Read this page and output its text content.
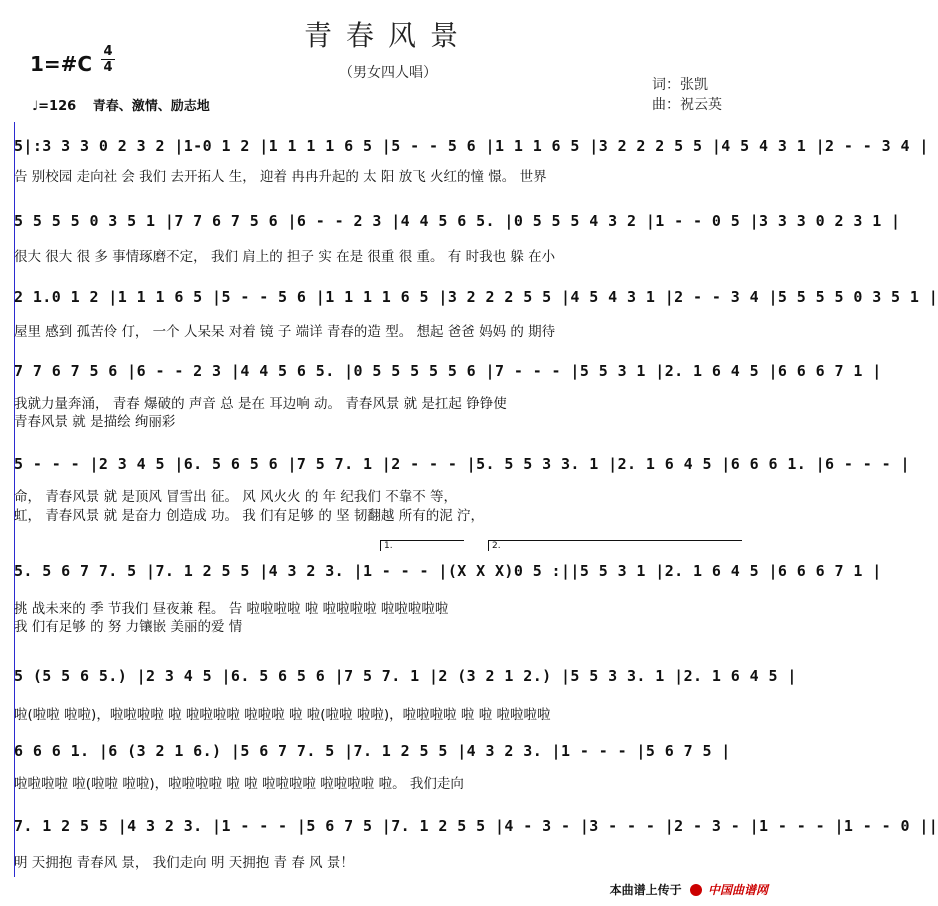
青春风景
1=#C
4
4	（男女四人唱）
词：张凯
曲：祝云英
♩=126 青春、激情、励志地
5|:3 3 3 0 2 3 2 |1-0 1 2 |1 1 1 1 6 5 |5 - - 5 6 |1 1 1 6 5 |3 2 2 2 5 5 |4 5 4 3 1 |2 - - 3 4 |
告 别校园 走向社 会 我们 去开拓人 生， 迎着 冉冉升起的 太 阳 放飞 火红的憧 憬。 世界
5 5 5 5 0 3 5 1 |7 7 6 7 5 6 |6 - - 2 3 |4 4 5 6 5. |0 5 5 5 4 3 2 |1 - - 0 5 |3 3 3 0 2 3 1 |
很大 很大 很 多 事情琢磨不定， 我们 肩上的 担子 实 在是 很重 很 重。 有 时我也 躲 在小
2 1.0 1 2 |1 1 1 6 5 |5 - - 5 6 |1 1 1 1 6 5 |3 2 2 2 5 5 |4 5 4 3 1 |2 - - 3 4 |5 5 5 5 0 3 5 1 |
屋里 感到 孤苦伶 仃， 一个 人呆呆 对着 镜 子 端详 青春的造 型。 想起 爸爸 妈妈 的 期待
7 7 6 7 5 6 |6 - - 2 3 |4 4 5 6 5. |0 5 5 5 5 5 6 |7 - - - |5 5 3 1 |2. 1 6 4 5 |6 6 6 7 1 |
我就力量奔涌， 青春 爆破的 声音 总 是在 耳边响 动。 青春风景 就 是扛起 铮铮使
青春风景 就 是描绘 绚丽彩
5 - - - |2 3 4 5 |6. 5 6 5 6 |7 5 7. 1 |2 - - - |5. 5 5 3 3. 1 |2. 1 6 4 5 |6 6 6 1. |6 - - - |
命， 青春风景 就 是顶风 冒雪出 征。 风 风火火 的 年 纪我们 不靠不 等，
虹， 青春风景 就 是奋力 创造成 功。 我 们有足够 的 坚 韧翻越 所有的泥 泞，
1.	2.
5. 5 6 7 7. 5 |7. 1 2 5 5 |4 3 2 3. |1 - - - |(X X X)0 5 :||5 5 3 1 |2. 1 6 4 5 |6 6 6 7 1 |
挑 战未来的 季 节我们 昼夜兼 程。 告 啦啦啦啦 啦 啦啦啦啦 啦啦啦啦啦
我 们有足够 的 努 力镶嵌 美丽的爱 情
5 (5 5 6 5.) |2 3 4 5 |6. 5 6 5 6 |7 5 7. 1 |2 (3 2 1 2.) |5 5 3 3. 1 |2. 1 6 4 5 |
啦(啦啦 啦啦)，啦啦啦啦 啦 啦啦啦啦 啦啦啦 啦 啦(啦啦 啦啦)，啦啦啦啦 啦 啦 啦啦啦啦
6 6 6 1. |6 (3 2 1 6.) |5 6 7 7. 5 |7. 1 2 5 5 |4 3 2 3. |1 - - - |5 6 7 5 |
啦啦啦啦 啦(啦啦 啦啦)，啦啦啦啦 啦 啦 啦啦啦啦 啦啦啦啦 啦。 我们走向
7. 1 2 5 5 |4 3 2 3. |1 - - - |5 6 7 5 |7. 1 2 5 5 |4 - 3 - |3 - - - |2 - 3 - |1 - - - |1 - - 0 ||
明 天拥抱 青春风 景， 我们走向 明 天拥抱 青 春 风 景！
本曲谱上传于 中国曲谱网
